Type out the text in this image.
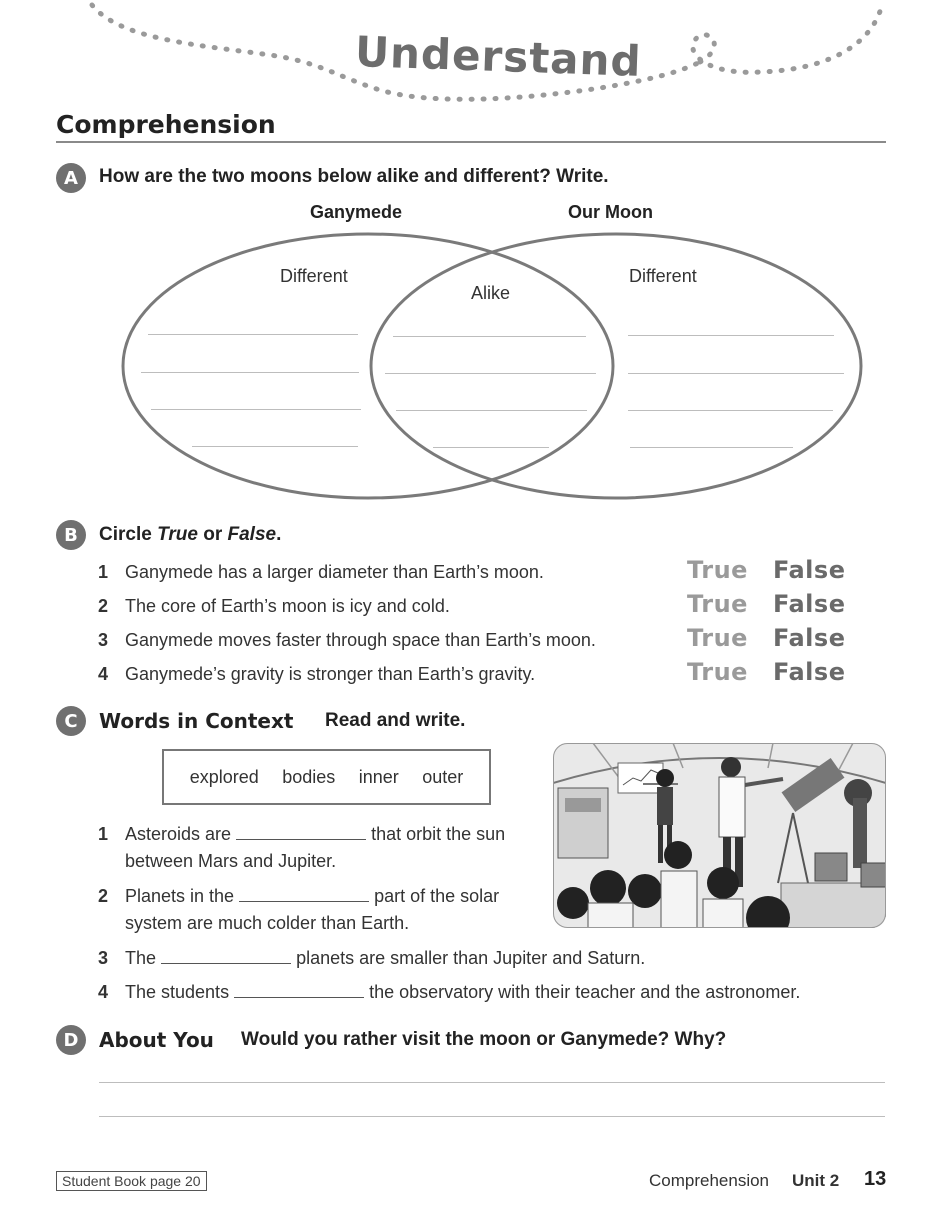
Understand
Comprehension
A	How are the two moons below alike and different? Write.
Ganymede	Our Moon
Different
Alike
Different
B	Circle True or False.
1 Ganymede has a larger diameter than Earth’s moon.	True False
2 The core of Earth’s moon is icy and cold.	True False
3 Ganymede moves faster through space than Earth’s moon.	True False
4 Ganymede’s gravity is stronger than Earth’s gravity.	True False
C	Words in Context Read and write.
explored bodies inner outer
1 Asteroids are	that orbit the sun
between Mars and Jupiter.
2 Planets in the	part of the solar
system are much colder than Earth.
3 The	planets are smaller than Jupiter and Saturn.
4 The students	the observatory with their teacher and the astronomer.
D	About You Would you rather visit the moon or Ganymede? Why?
Student Book page 20	Comprehension Unit 2 13
